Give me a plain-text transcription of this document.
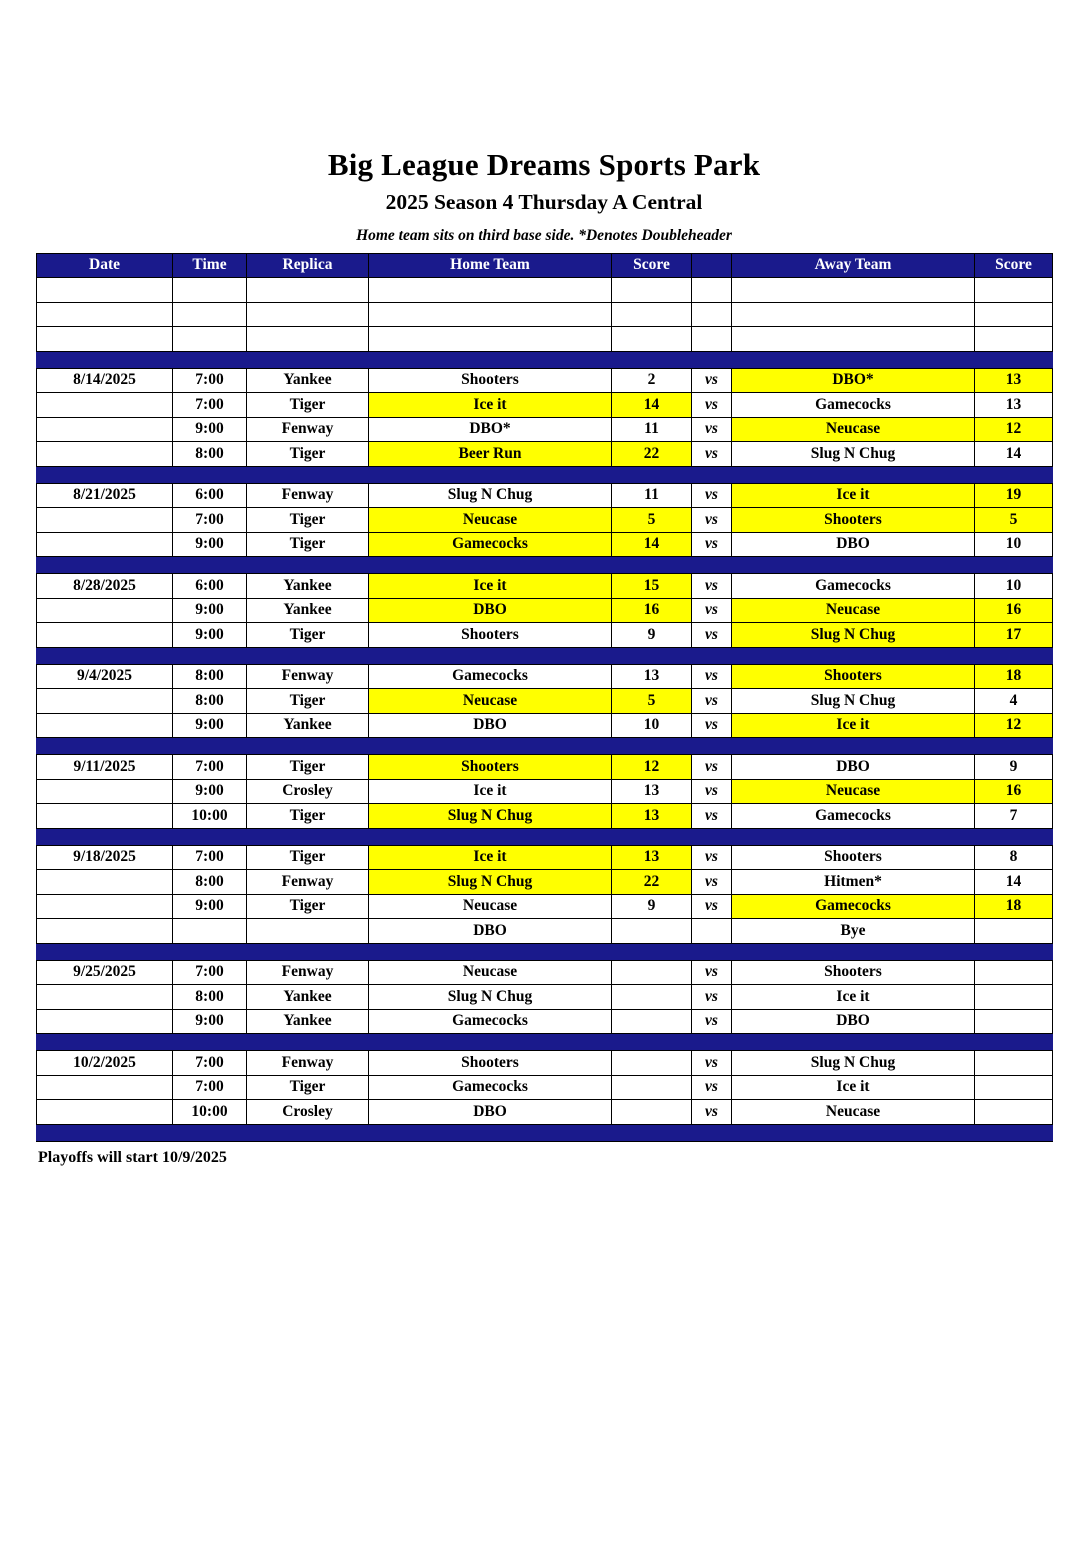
Big League Dreams Sports Park
2025 Season 4 Thursday A Central
Home team sits on third base side. *Denotes Doubleheader
Date	Time	Replica	Home Team	Score		Away Team	Score

8/14/2025	7:00	Yankee	Shooters	2	vs	DBO*	13
	7:00	Tiger	Ice it	14	vs	Gamecocks	13
	9:00	Fenway	DBO*	11	vs	Neucase	12
	8:00	Tiger	Beer Run	22	vs	Slug N Chug	14

8/21/2025	6:00	Fenway	Slug N Chug	11	vs	Ice it	19
	7:00	Tiger	Neucase	5	vs	Shooters	5
	9:00	Tiger	Gamecocks	14	vs	DBO	10

8/28/2025	6:00	Yankee	Ice it	15	vs	Gamecocks	10
	9:00	Yankee	DBO	16	vs	Neucase	16
	9:00	Tiger	Shooters	9	vs	Slug N Chug	17

9/4/2025	8:00	Fenway	Gamecocks	13	vs	Shooters	18
	8:00	Tiger	Neucase	5	vs	Slug N Chug	4
	9:00	Yankee	DBO	10	vs	Ice it	12

9/11/2025	7:00	Tiger	Shooters	12	vs	DBO	9
	9:00	Crosley	Ice it	13	vs	Neucase	16
	10:00	Tiger	Slug N Chug	13	vs	Gamecocks	7

9/18/2025	7:00	Tiger	Ice it	13	vs	Shooters	8
	8:00	Fenway	Slug N Chug	22	vs	Hitmen*	14
	9:00	Tiger	Neucase	9	vs	Gamecocks	18
			DBO			Bye	

9/25/2025	7:00	Fenway	Neucase		vs	Shooters	
	8:00	Yankee	Slug N Chug		vs	Ice it	
	9:00	Yankee	Gamecocks		vs	DBO	

10/2/2025	7:00	Fenway	Shooters		vs	Slug N Chug	
	7:00	Tiger	Gamecocks		vs	Ice it	
	10:00	Crosley	DBO		vs	Neucase	

Playoffs will start 10/9/2025
